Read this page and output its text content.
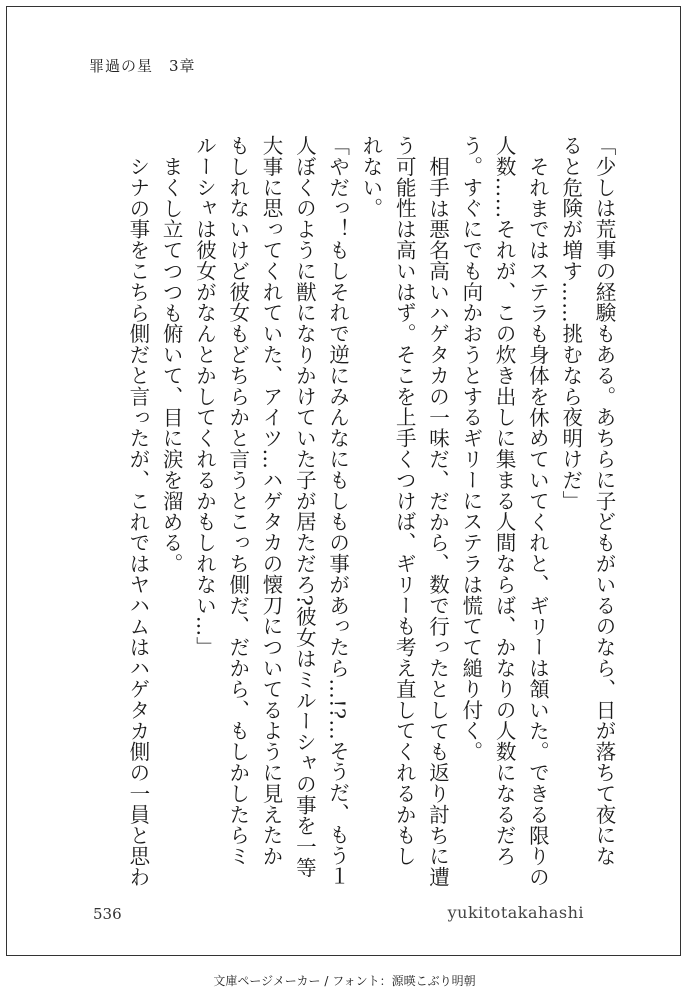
罪過の星　3章

「少しは荒事の経験もある。あちらに子どもがいるのなら、日が落ちて夜になると危険が増す……挑むなら夜明けだ」

それまではステラも身体を休めていてくれと、ギリーは頷いた。できる限りの人数……それが、この炊き出しに集まる人間ならば、かなりの人数になるだろう。すぐにでも向かおうとするギリーにステラは慌てて縋り付く。

相手は悪名高いハゲタカの一味だ、だから、数で行ったとしても返り討ちに遭う可能性は高いはず。そこを上手くつけば、ギリーも考え直してくれるかもしれない。

「やだっ！もしそれで逆にみんなにもしもの事があったら…!?…そうだ、もう１人ぼくのように獣になりかけていた子が居ただろ?彼女はミルーシャの事を一等大事に思ってくれていた、アイツ…ハゲタカの懐刀についてるように見えたかもしれないけど彼女もどちらかと言うとこっち側だ、だから、もしかしたらミルーシャは彼女がなんとかしてくれるかもしれない…」

まくし立てつつも俯いて、目に涙を溜める。

シナの事をこちら側だと言ったが、これではヤハムはハゲタカ側の一員と思わ

536	yukitotakahashi
文庫ページメーカー / フォント：源暎こぶり明朝
